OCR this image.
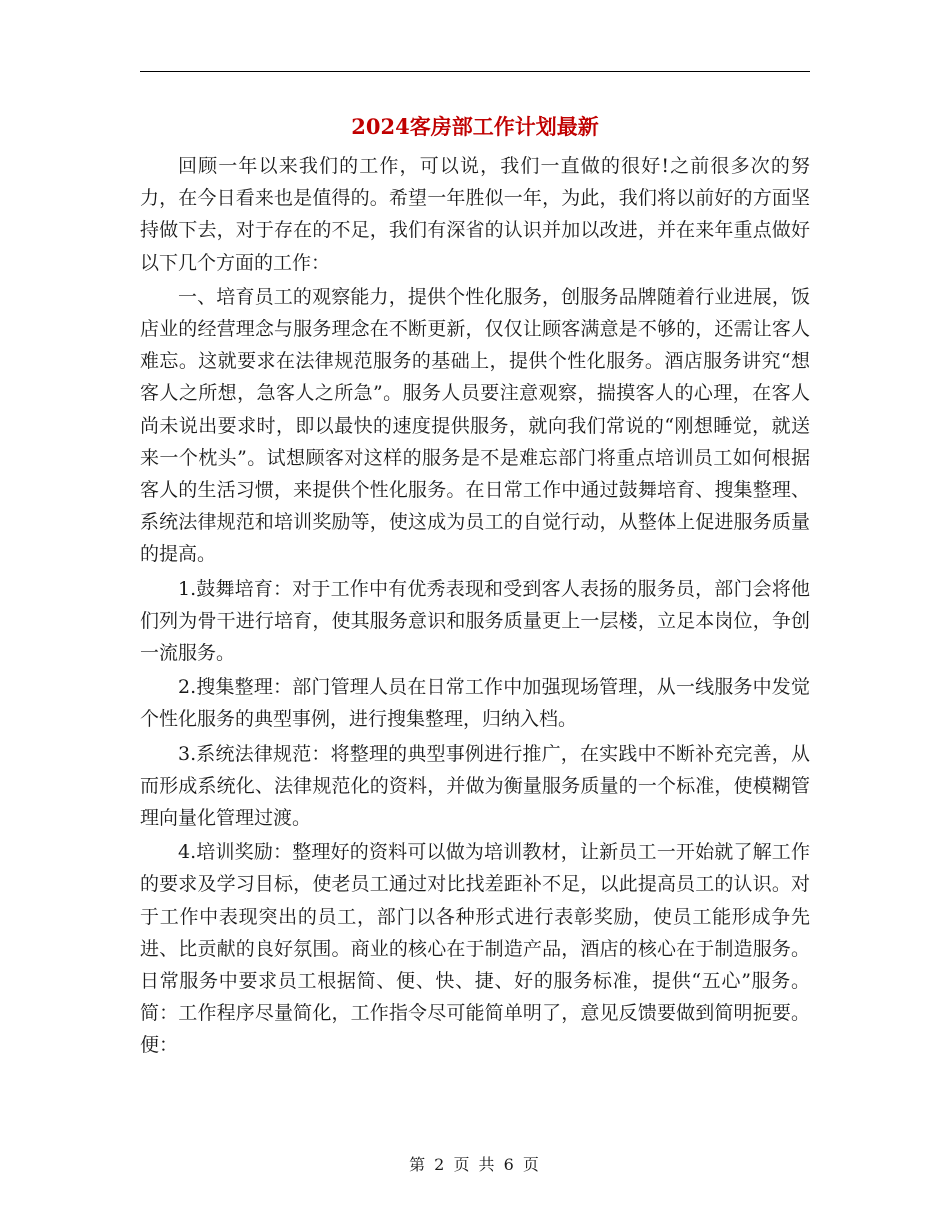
2024客房部工作计划最新

回顾一年以来我们的工作，可以说，我们一直做的很好!之前很多次的努力，在今日看来也是值得的。希望一年胜似一年，为此，我们将以前好的方面坚持做下去，对于存在的不足，我们有深省的认识并加以改进，并在来年重点做好以下几个方面的工作：

一、培育员工的观察能力，提供个性化服务，创服务品牌随着行业进展，饭店业的经营理念与服务理念在不断更新，仅仅让顾客满意是不够的，还需让客人难忘。这就要求在法律规范服务的基础上，提供个性化服务。酒店服务讲究“想客人之所想，急客人之所急”。服务人员要注意观察，揣摸客人的心理，在客人尚未说出要求时，即以最快的速度提供服务，就向我们常说的“刚想睡觉，就送来一个枕头”。试想顾客对这样的服务是不是难忘部门将重点培训员工如何根据客人的生活习惯，来提供个性化服务。在日常工作中通过鼓舞培育、搜集整理、系统法律规范和培训奖励等，使这成为员工的自觉行动，从整体上促进服务质量的提高。

1.鼓舞培育：对于工作中有优秀表现和受到客人表扬的服务员，部门会将他们列为骨干进行培育，使其服务意识和服务质量更上一层楼，立足本岗位，争创一流服务。

2.搜集整理：部门管理人员在日常工作中加强现场管理，从一线服务中发觉个性化服务的典型事例，进行搜集整理，归纳入档。

3.系统法律规范：将整理的典型事例进行推广，在实践中不断补充完善，从而形成系统化、法律规范化的资料，并做为衡量服务质量的一个标准，使模糊管理向量化管理过渡。

4.培训奖励：整理好的资料可以做为培训教材，让新员工一开始就了解工作的要求及学习目标，使老员工通过对比找差距补不足，以此提高员工的认识。对于工作中表现突出的员工，部门以各种形式进行表彰奖励，使员工能形成争先进、比贡献的良好氛围。商业的核心在于制造产品，酒店的核心在于制造服务。日常服务中要求员工根据简、便、快、捷、好的服务标准，提供“五心”服务。简：工作程序尽量简化，工作指令尽可能简单明了，意见反馈要做到简明扼要。便：

第 2 页 共 6 页
